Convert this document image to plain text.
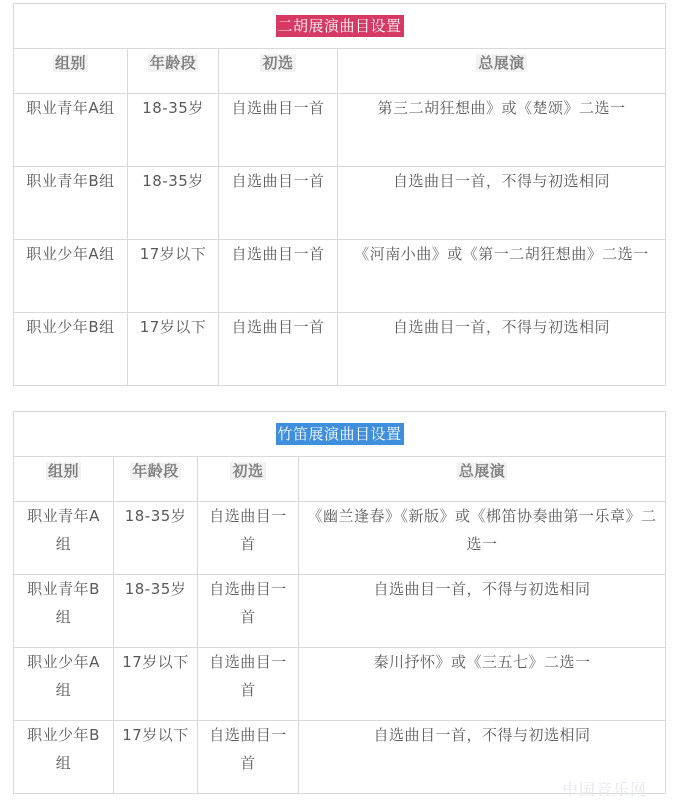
二胡展演曲目设置			
组别	年龄段	初选	总展演
职业青年A组	18-35岁	自选曲目一首	第三二胡狂想曲》或《楚颂》二选一
职业青年B组	18-35岁	自选曲目一首	自选曲目一首，不得与初选相同
职业少年A组	17岁以下	自选曲目一首	《河南小曲》或《第一二胡狂想曲》二选一
职业少年B组	17岁以下	自选曲目一首	自选曲目一首，不得与初选相同
竹笛展演曲目设置			
组别	年龄段	初选	总展演
职业青年A组	18-35岁	自选曲目一首	《幽兰逢春》《新版》或《梆笛协奏曲第一乐章》二选一
职业青年B组	18-35岁	自选曲目一首	自选曲目一首，不得与初选相同
职业少年A组	17岁以下	自选曲目一首	秦川抒怀》或《三五七》二选一
职业少年B组	17岁以下	自选曲目一首	自选曲目一首，不得与初选相同
中国音乐网
